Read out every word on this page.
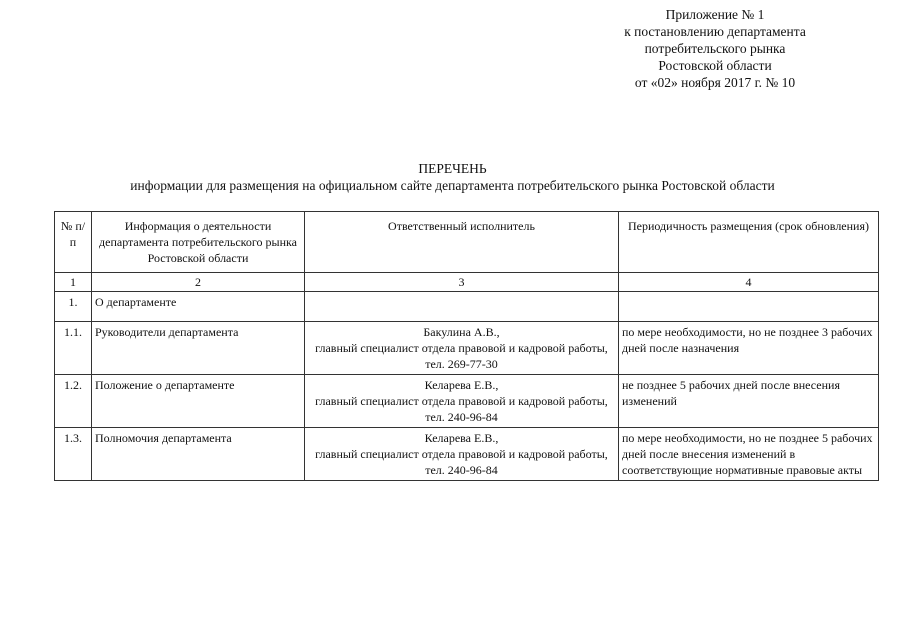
Приложение № 1
к постановлению департамента
потребительского рынка
Ростовской области
от «02» ноября 2017 г. № 10
ПЕРЕЧЕНЬ
информации для размещения на официальном сайте департамента потребительского рынка Ростовской области
№ п/п	Информация о деятельности департамента потребительского рынка Ростовской области	Ответственный исполнитель	Периодичность размещения (срок обновления)
1	2	3	4
1.	О департаменте	

1.1.	Руководители департамента	Бакулина А.В.,
главный специалист отдела правовой и кадровой работы,
тел. 269-77-30	по мере необходимости, но не позднее 3 рабочих дней после назначения
1.2.	Положение о департаменте	Келарева Е.В.,
главный специалист отдела правовой и кадровой работы,
тел. 240-96-84	не позднее 5 рабочих дней после внесения изменений
1.3.	Полномочия департамента	Келарева Е.В.,
главный специалист отдела правовой и кадровой работы,
тел. 240-96-84	по мере необходимости, но не позднее 5 рабочих дней после внесения изменений в соответствующие нормативные правовые акты
